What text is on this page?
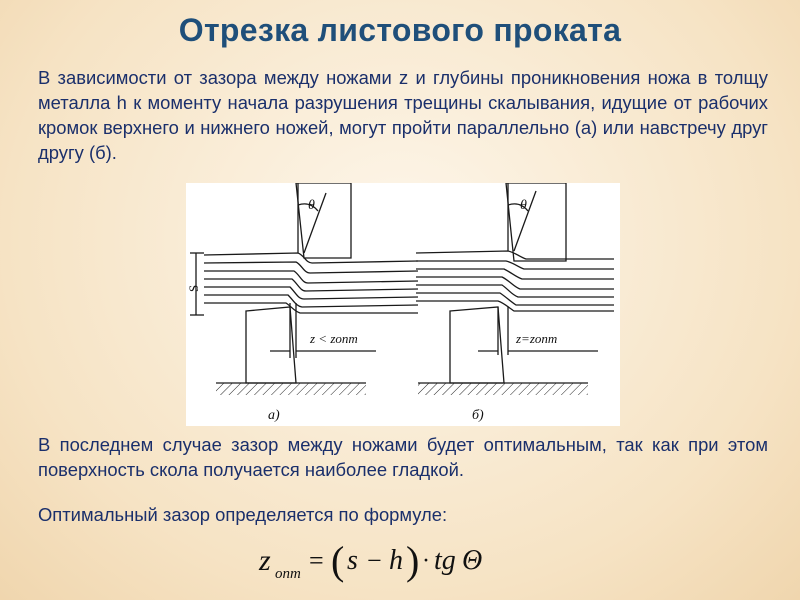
Отрезка листового проката

В зависимости от зазора между ножами z и глубины проникновения ножа в толщу металла h к моменту начала разрушения трещины скалывания, идущие от рабочих кромок верхнего и нижнего ножей, могут пройти параллельно (а) или навстречу друг другу (б).

θ
S
z < zопт
а)
θ
z=zопт
б)

В последнем случае зазор между ножами будет оптимальным, так как при этом поверхность скола получается наиболее гладкой.

Оптимальный зазор определяется по формуле:

z опт = ( s − h ) · tg Θ
